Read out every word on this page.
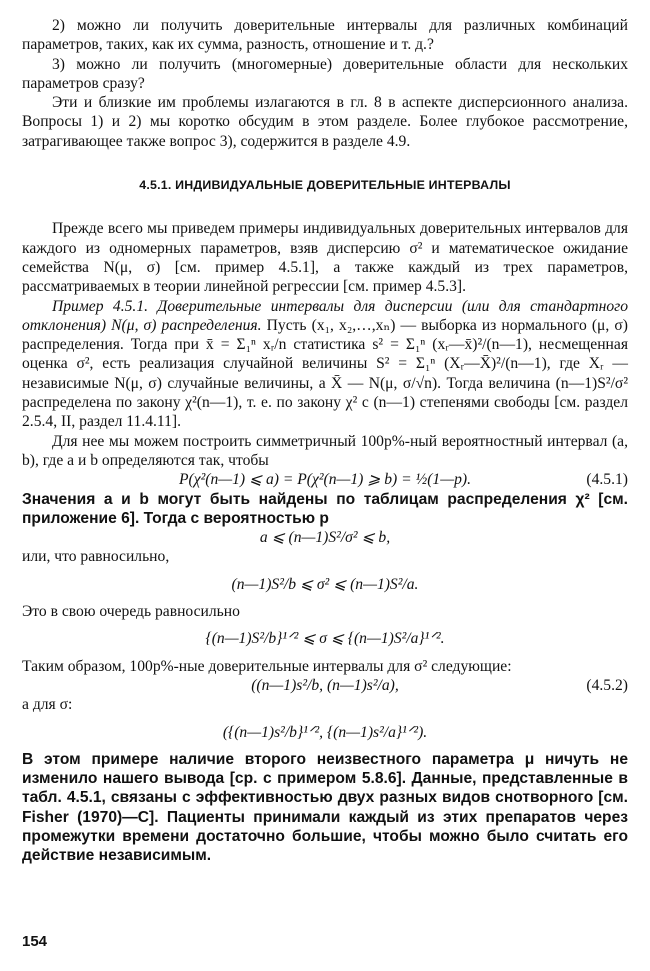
2) можно ли получить доверительные интервалы для различных комбинаций параметров, таких, как их сумма, разность, отношение и т. д.?

3) можно ли получить (многомерные) доверительные области для нескольких параметров сразу?

Эти и близкие им проблемы излагаются в гл. 8 в аспекте дисперсионного анализа. Вопросы 1) и 2) мы коротко обсудим в этом разделе. Более глубокое рассмотрение, затрагивающее также вопрос 3), содержится в разделе 4.9.

4.5.1. ИНДИВИДУАЛЬНЫЕ ДОВЕРИТЕЛЬНЫЕ ИНТЕРВАЛЫ

Прежде всего мы приведем примеры индивидуальных доверительных интервалов для каждого из одномерных параметров, взяв дисперсию σ² и математическое ожидание семейства N(μ, σ) [см. пример 4.5.1], а также каждый из трех параметров, рассматриваемых в теории линейной регрессии [см. пример 4.5.3].

Пример 4.5.1. Доверительные интервалы для дисперсии (или для стандартного отклонения) N(μ, σ) распределения. Пусть (x₁, x₂,…,xₙ) — выборка из нормального (μ, σ) распределения. Тогда при x̄ = Σ₁ⁿ xᵣ/n статистика s² = Σ₁ⁿ (xᵣ—x̄)²/(n—1), несмещенная оценка σ², есть реализация случайной величины S² = Σ₁ⁿ (Xᵣ—X̄)²/(n—1), где Xᵣ — независимые N(μ, σ) случайные величины, а X̄ — N(μ, σ/√n). Тогда величина (n—1)S²/σ² распределена по закону χ²(n—1), т. е. по закону χ² с (n—1) степенями свободы [см. раздел 2.5.4, II, раздел 11.4.11].

Для нее мы можем построить симметричный 100p%-ный вероятностный интервал (a, b), где a и b определяются так, чтобы

P(χ²(n—1) ⩽ a) = P(χ²(n—1) ⩾ b) = ½(1—p).	(4.5.1)

Значения a и b могут быть найдены по таблицам распределения χ² [см. приложение 6]. Тогда с вероятностью p

a ⩽ (n—1)S²/σ² ⩽ b,

или, что равносильно,

(n—1)S²/b ⩽ σ² ⩽ (n—1)S²/a.

Это в свою очередь равносильно

{(n—1)S²/b}¹ᐟ² ⩽ σ ⩽ {(n—1)S²/a}¹ᐟ².

Таким образом, 100p%-ные доверительные интервалы для σ² следующие:

((n—1)s²/b, (n—1)s²/a),	(4.5.2)

а для σ:

({(n—1)s²/b}¹ᐟ², {(n—1)s²/a}¹ᐟ²).

В этом примере наличие второго неизвестного параметра μ ничуть не изменило нашего вывода [ср. с примером 5.8.6]. Данные, представленные в табл. 4.5.1, связаны с эффективностью двух разных видов снотворного [см. Fisher (1970)—C]. Пациенты принимали каждый из этих препаратов через промежутки времени достаточно большие, чтобы можно было считать его действие независимым.

154
